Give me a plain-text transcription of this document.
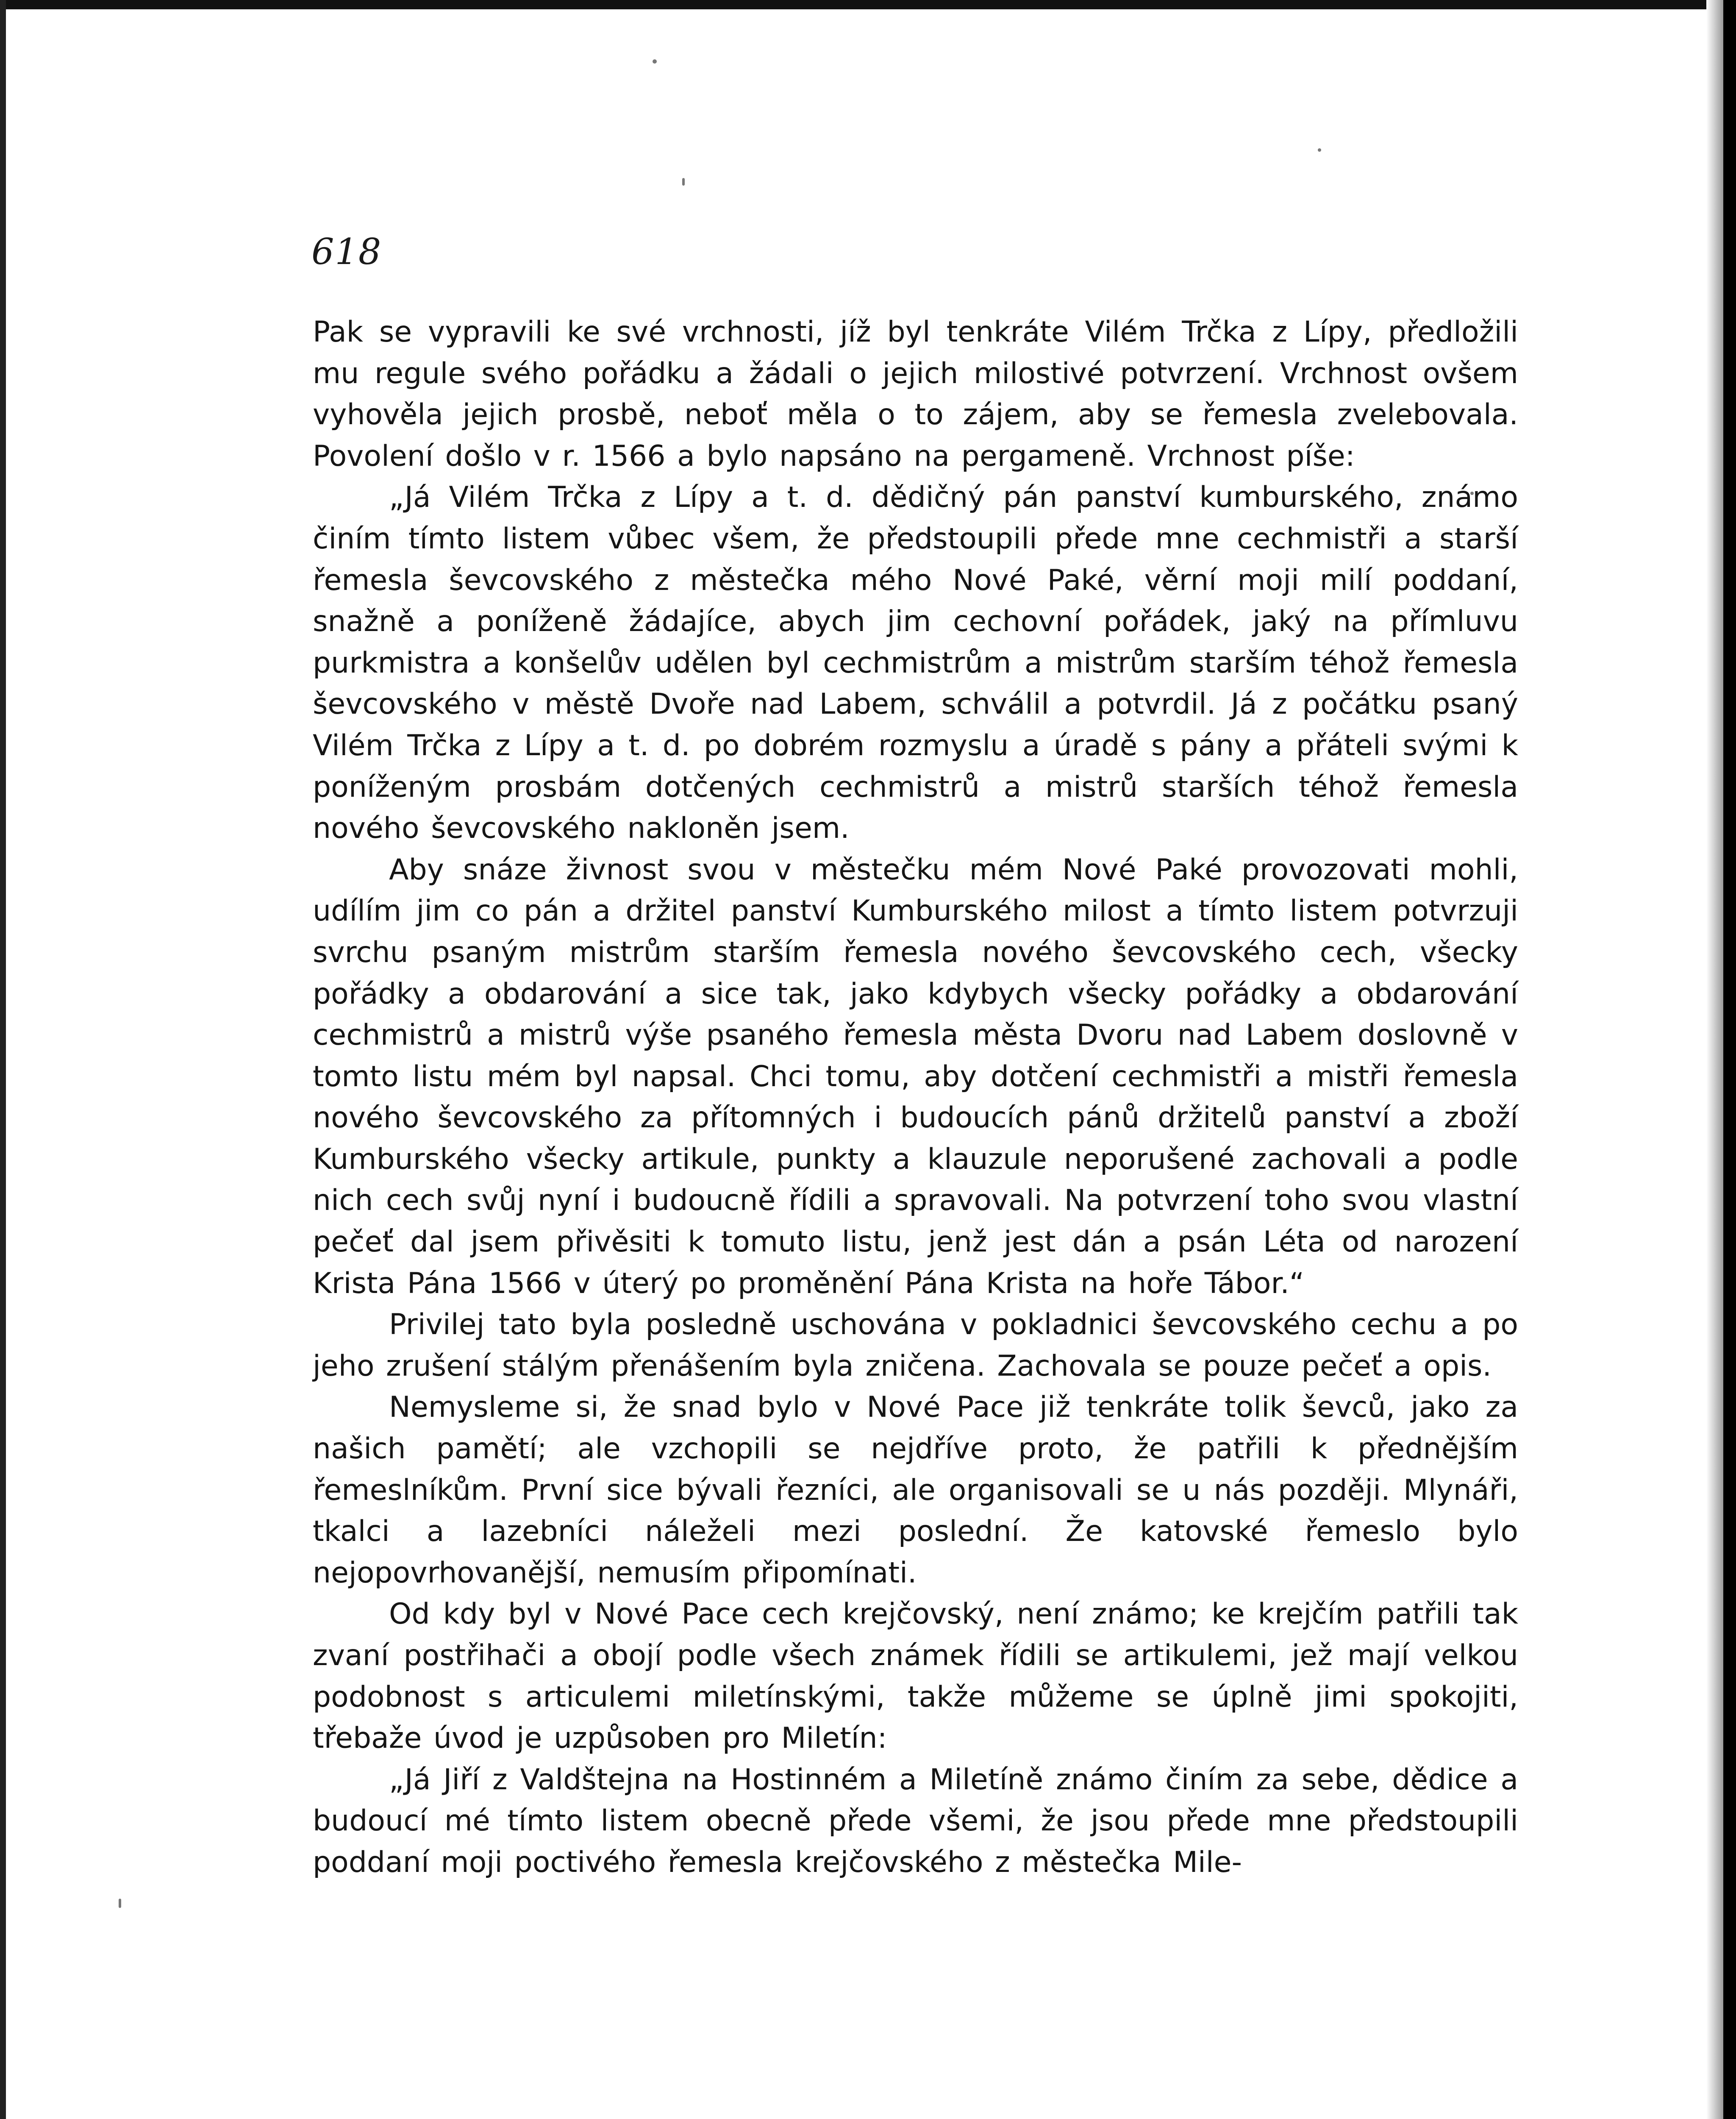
618

Pak se vypravili ke své vrchnosti, jíž byl tenkráte Vilém Trčka z Lípy, předložili mu regule svého pořádku a žádali o jejich milostivé potvrzení. Vrchnost ovšem vyhověla jejich prosbě, neboť měla o to zájem, aby se řemesla zvelebovala. Povolení došlo v r. 1566 a bylo napsáno na pergameně. Vrchnost píše:

„Já Vilém Trčka z Lípy a t. d. dědičný pán panství kumburského, známo činím tímto listem vůbec všem, že předstoupili přede mne cechmistři a starší řemesla ševcovského z městečka mého Nové Paké, věrní moji milí poddaní, snažně a poníženě žádajíce, abych jim cechovní pořádek, jaký na přímluvu purkmistra a konšelův udělen byl cechmistrům a mistrům starším téhož řemesla ševcovského v městě Dvoře nad Labem, schválil a potvrdil. Já z počátku psaný Vilém Trčka z Lípy a t. d. po dobrém rozmyslu a úradě s pány a přáteli svými k poníženým prosbám dotčených cechmistrů a mistrů starších téhož řemesla nového ševcovského nakloněn jsem.

Aby snáze živnost svou v městečku mém Nové Paké provozovati mohli, udílím jim co pán a držitel panství Kumburského milost a tímto listem potvrzuji svrchu psaným mistrům starším řemesla nového ševcovského cech, všecky pořádky a obdarování a sice tak, jako kdybych všecky pořádky a obdarování cechmistrů a mistrů výše psaného řemesla města Dvoru nad Labem doslovně v tomto listu mém byl napsal. Chci tomu, aby dotčení cechmistři a mistři řemesla nového ševcovského za přítomných i budoucích pánů držitelů panství a zboží Kumburského všecky artikule, punkty a klauzule neporušené zachovali a podle nich cech svůj nyní i budoucně řídili a spravovali. Na potvrzení toho svou vlastní pečeť dal jsem přivěsiti k tomuto listu, jenž jest dán a psán Léta od narození Krista Pána 1566 v úterý po proměnění Pána Krista na hoře Tábor.“

Privilej tato byla posledně uschována v pokladnici ševcovského cechu a po jeho zrušení stálým přenášením byla zničena. Zachovala se pouze pečeť a opis.

Nemysleme si, že snad bylo v Nové Pace již tenkráte tolik ševců, jako za našich pamětí; ale vzchopili se nejdříve proto, že patřili k přednějším řemeslníkům. První sice bývali řezníci, ale organisovali se u nás později. Mlynáři, tkalci a lazebníci náleželi mezi poslední. Že katovské řemeslo bylo nejopovrhovanější, nemusím připomínati.

Od kdy byl v Nové Pace cech krejčovský, není známo; ke krejčím patřili tak zvaní postřihači a obojí podle všech známek řídili se artikulemi, jež mají velkou podobnost s articulemi miletínskými, takže můžeme se úplně jimi spokojiti, třebaže úvod je uzpůsoben pro Miletín:

„Já Jiří z Valdštejna na Hostinném a Miletíně známo činím za sebe, dědice a budoucí mé tímto listem obecně přede všemi, že jsou přede mne předstoupili poddaní moji poctivého řemesla krejčovského z městečka Mile-
